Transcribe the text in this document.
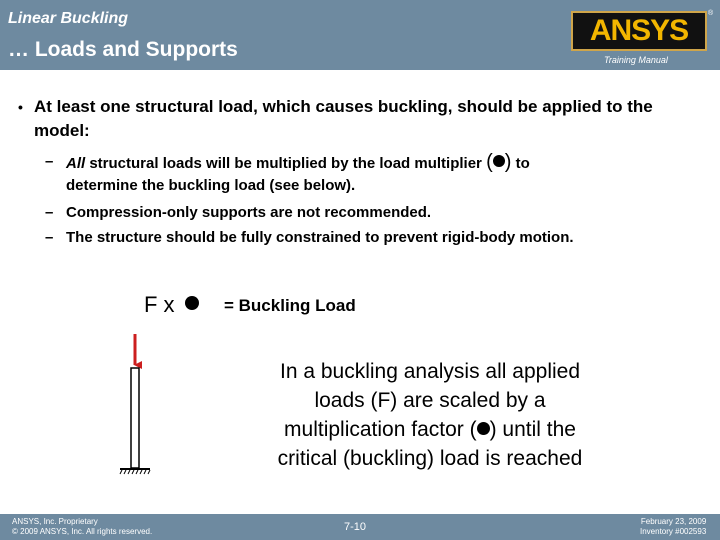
Linear Buckling
… Loads and Supports
ANSYS
®
Training Manual
• At least one structural load, which causes buckling, should be applied to the model:
– All structural loads will be multiplied by the load multiplier ( ) to
determine the buckling load (see below).
– Compression-only supports are not recommended.
– The structure should be fully constrained to prevent rigid-body motion.
F x	= Buckling Load
In a buckling analysis all applied
loads (F) are scaled by a
multiplication factor ( ) until the
critical (buckling) load is reached
ANSYS, Inc. Proprietary
© 2009 ANSYS, Inc. All rights reserved.	7-10	February 23, 2009
Inventory #002593
